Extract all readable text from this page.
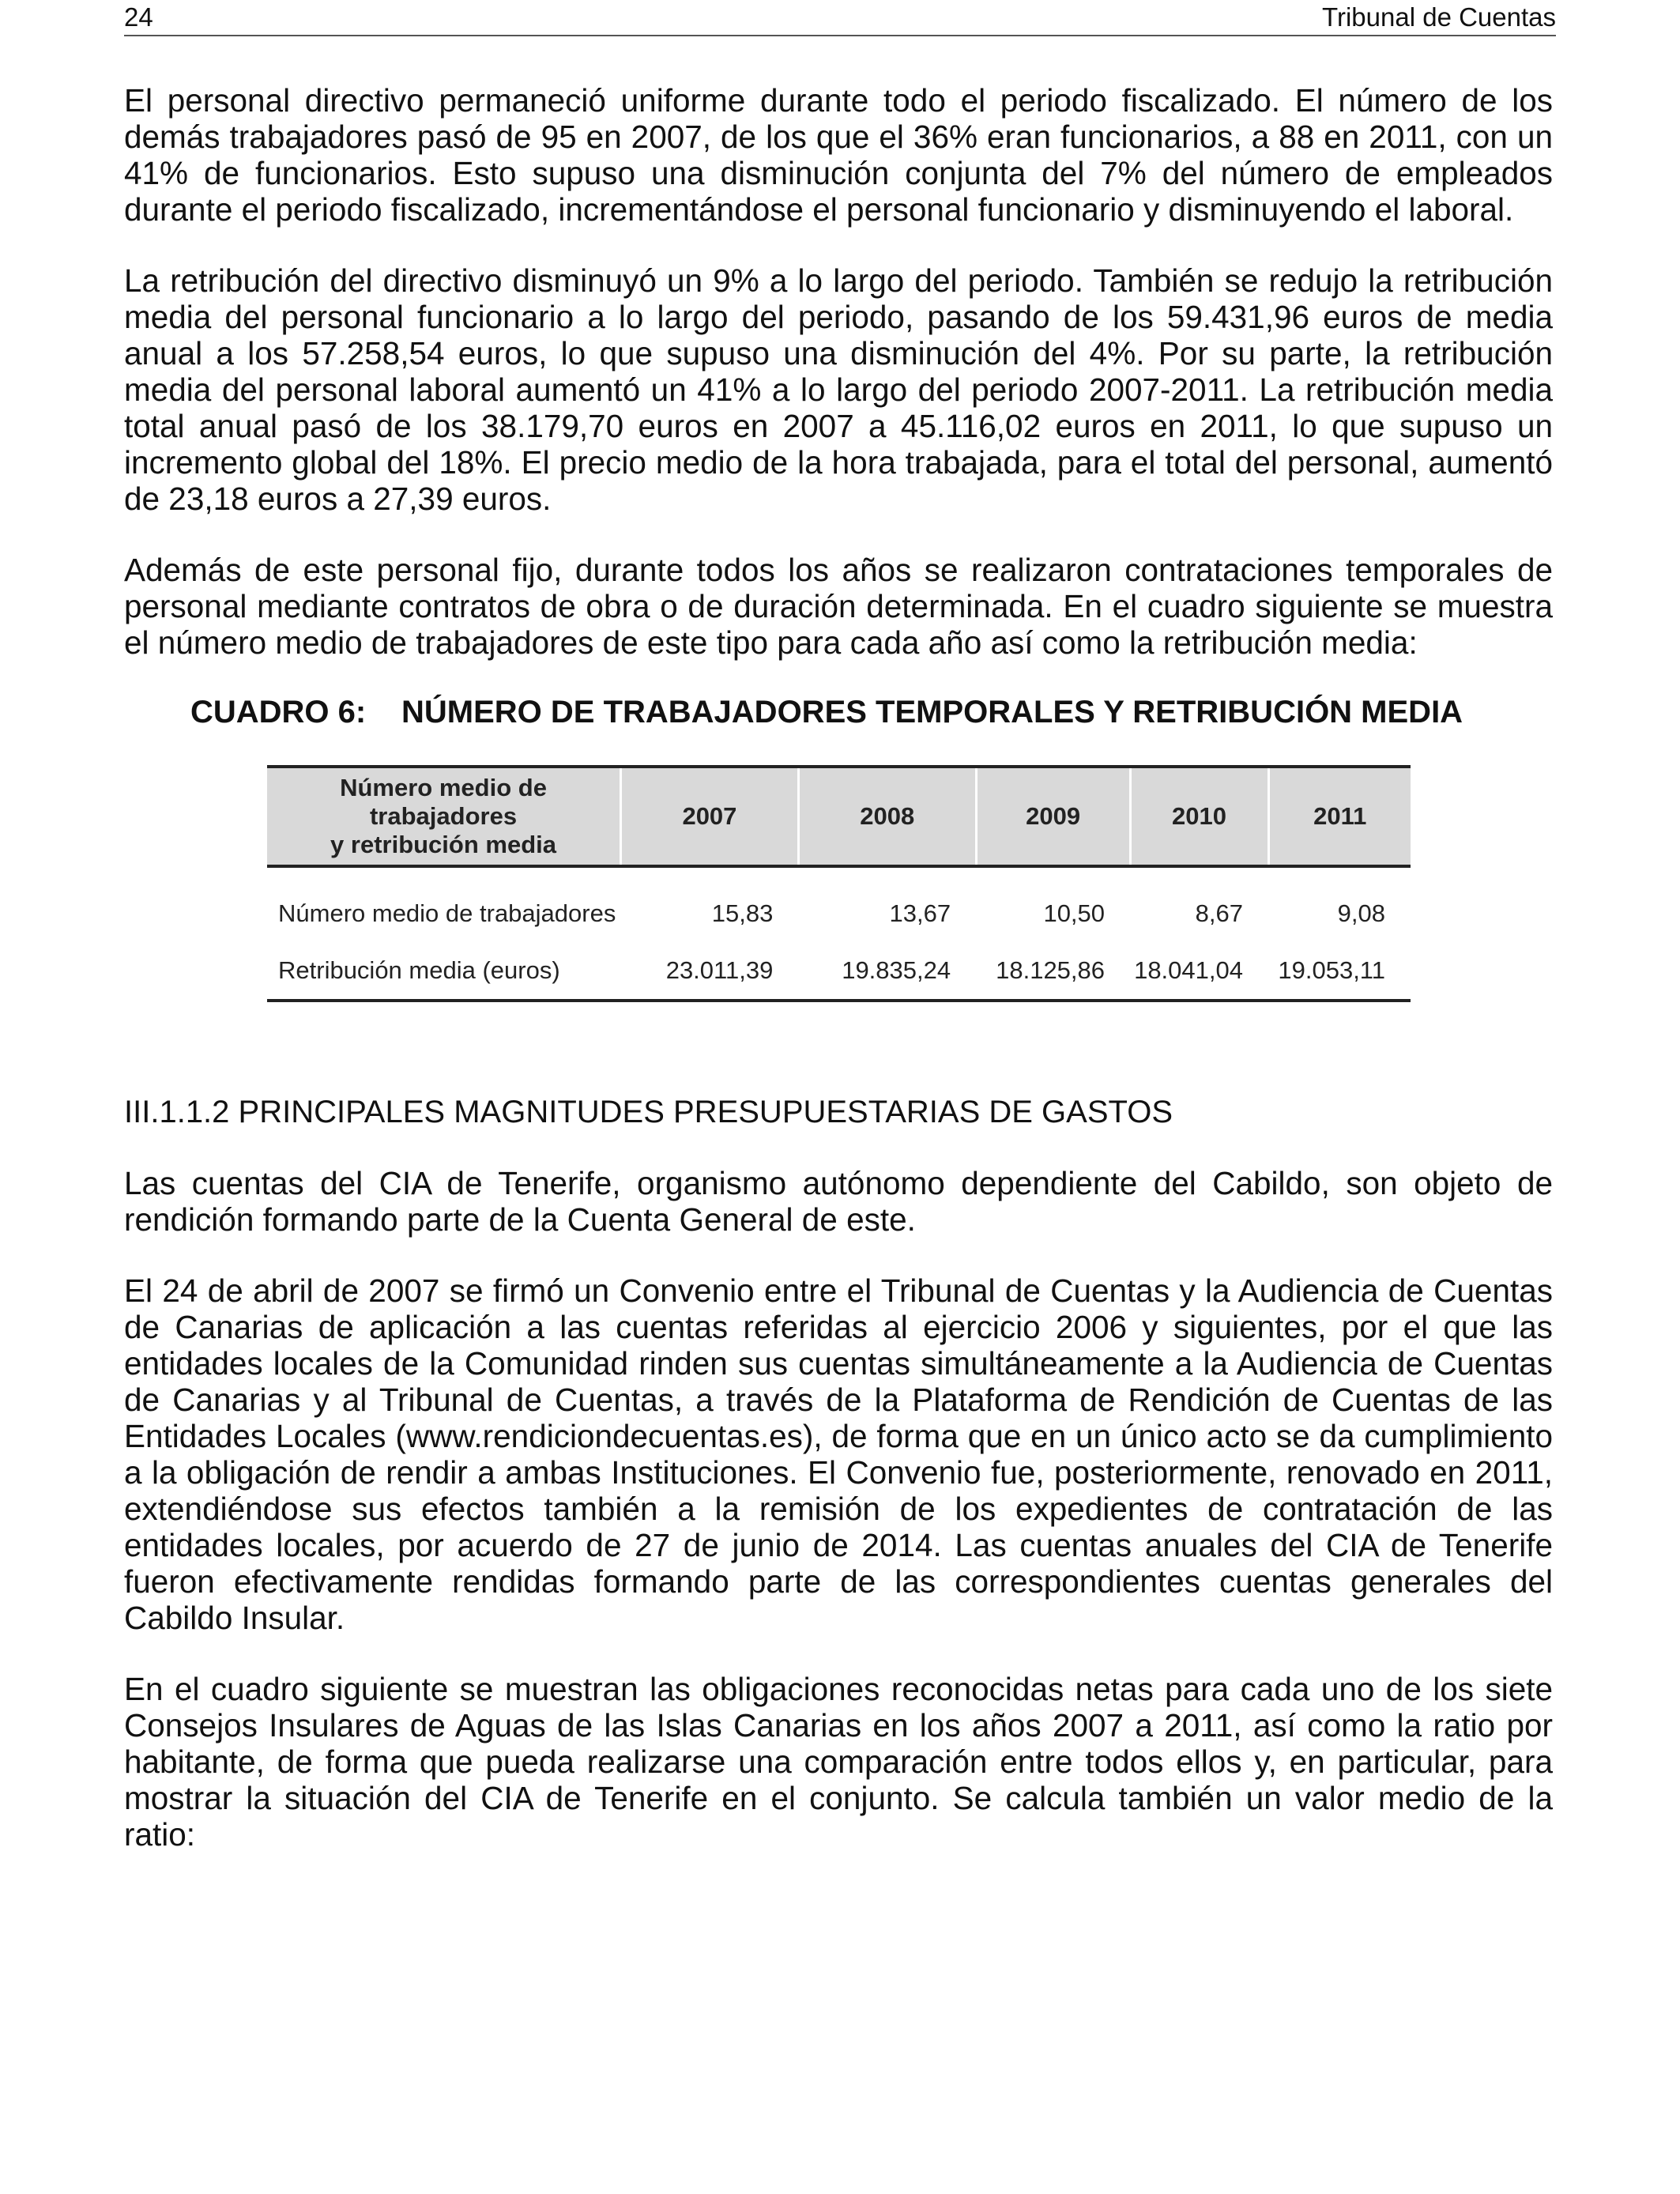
24	Tribunal de Cuentas

El personal directivo permaneció uniforme durante todo el periodo fiscalizado. El número de los demás trabajadores pasó de 95 en 2007, de los que el 36% eran funcionarios, a 88 en 2011, con un 41% de funcionarios. Esto supuso una disminución conjunta del 7% del número de empleados durante el periodo fiscalizado, incrementándose el personal funcionario y disminuyendo el laboral.

La retribución del directivo disminuyó un 9% a lo largo del periodo. También se redujo la retribución media del personal funcionario a lo largo del periodo, pasando de los 59.431,96 euros de media anual a los 57.258,54 euros, lo que supuso una disminución del 4%. Por su parte, la retribución media del personal laboral aumentó un 41% a lo largo del periodo 2007-2011. La retribución media total anual pasó de los 38.179,70 euros en 2007 a 45.116,02 euros en 2011, lo que supuso un incremento global del 18%. El precio medio de la hora trabajada, para el total del personal, aumentó de 23,18 euros a 27,39 euros.

Además de este personal fijo, durante todos los años se realizaron contrataciones temporales de personal mediante contratos de obra o de duración determinada. En el cuadro siguiente se muestra el número medio de trabajadores de este tipo para cada año así como la retribución media:

CUADRO 6: NÚMERO DE TRABAJADORES TEMPORALES Y RETRIBUCIÓN MEDIA
Número medio de trabajadores
y retribución media	2007	2008	2009	2010	2011
Número medio de trabajadores	15,83	13,67	10,50	8,67	9,08
Retribución media (euros)	23.011,39	19.835,24	18.125,86	18.041,04	19.053,11
III.1.1.2 PRINCIPALES MAGNITUDES PRESUPUESTARIAS DE GASTOS

Las cuentas del CIA de Tenerife, organismo autónomo dependiente del Cabildo, son objeto de rendición formando parte de la Cuenta General de este.

El 24 de abril de 2007 se firmó un Convenio entre el Tribunal de Cuentas y la Audiencia de Cuentas de Canarias de aplicación a las cuentas referidas al ejercicio 2006 y siguientes, por el que las entidades locales de la Comunidad rinden sus cuentas simultáneamente a la Audiencia de Cuentas de Canarias y al Tribunal de Cuentas, a través de la Plataforma de Rendición de Cuentas de las Entidades Locales (www.rendiciondecuentas.es), de forma que en un único acto se da cumplimiento a la obligación de rendir a ambas Instituciones. El Convenio fue, posteriormente, renovado en 2011, extendiéndose sus efectos también a la remisión de los expedientes de contratación de las entidades locales, por acuerdo de 27 de junio de 2014. Las cuentas anuales del CIA de Tenerife fueron efectivamente rendidas formando parte de las correspondientes cuentas generales del Cabildo Insular.

En el cuadro siguiente se muestran las obligaciones reconocidas netas para cada uno de los siete Consejos Insulares de Aguas de las Islas Canarias en los años 2007 a 2011, así como la ratio por habitante, de forma que pueda realizarse una comparación entre todos ellos y, en particular, para mostrar la situación del CIA de Tenerife en el conjunto. Se calcula también un valor medio de la ratio:
